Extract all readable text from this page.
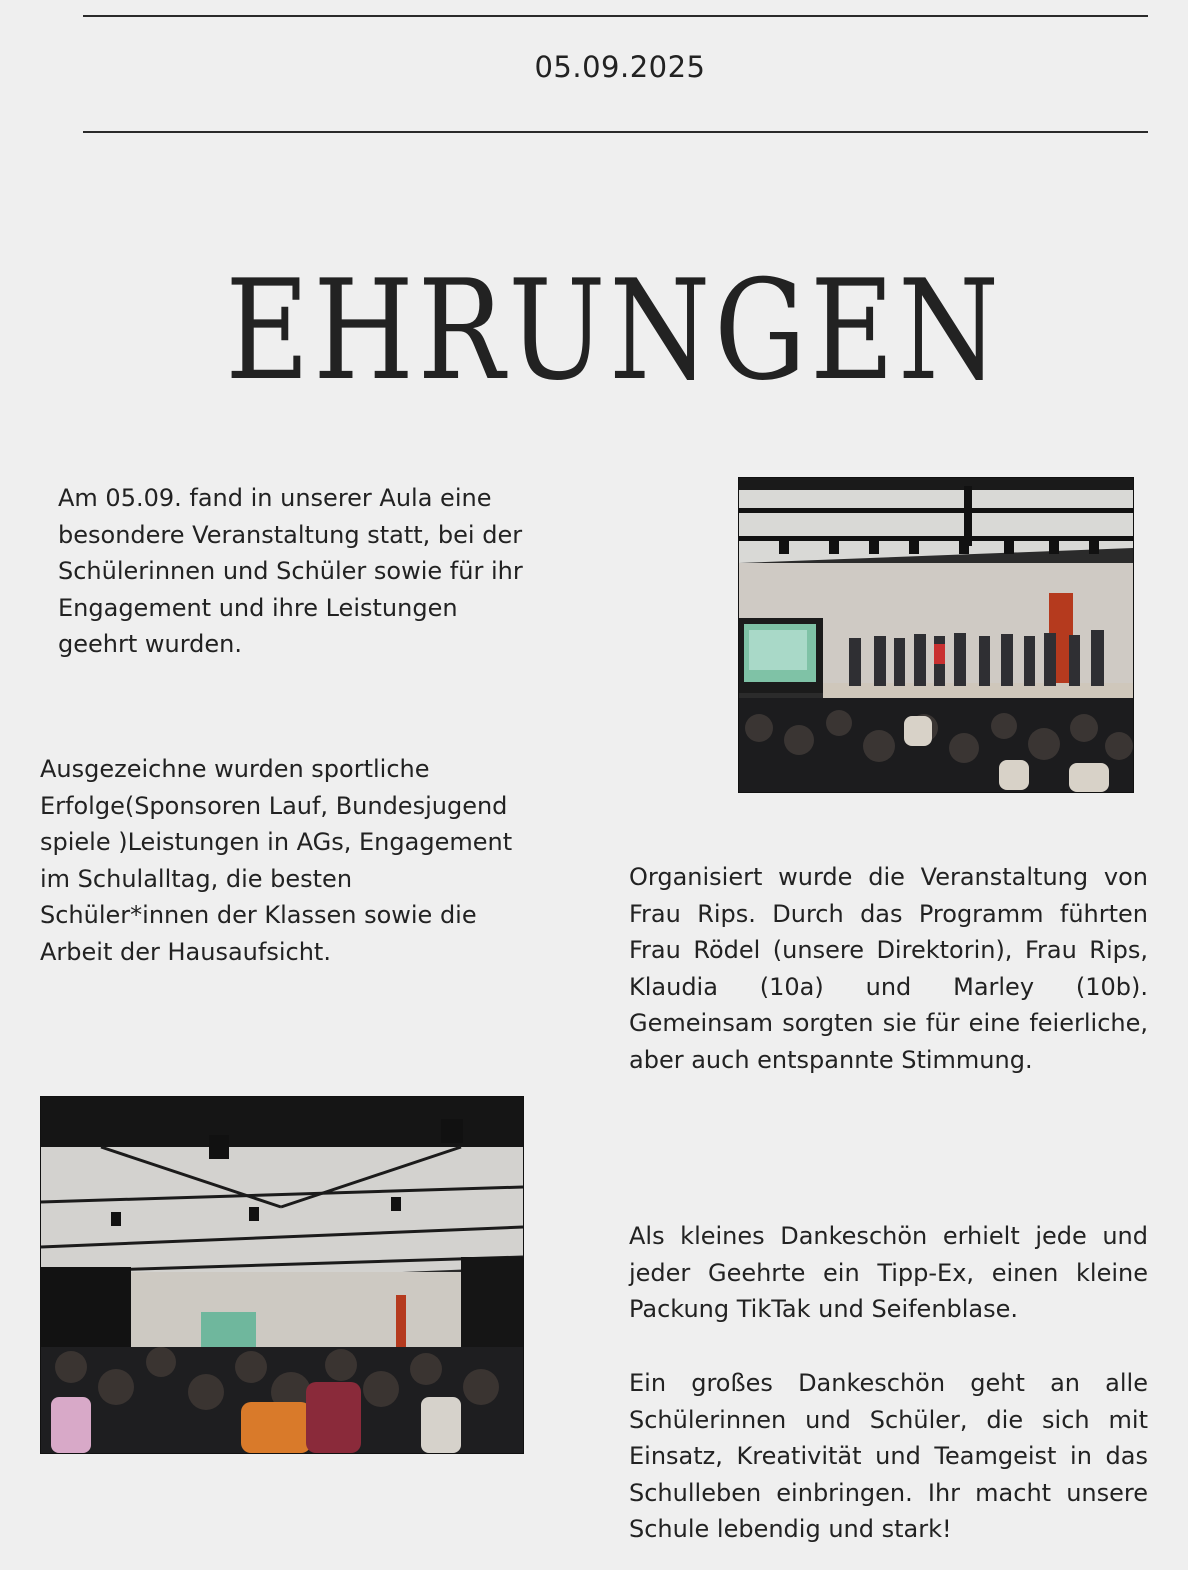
05.09.2025
EHRUNGEN

Am 05.09. fand in unserer Aula eine
besondere Veranstaltung statt, bei der
Schülerinnen und Schüler sowie für ihr
Engagement und ihre Leistungen
geehrt wurden.

Ausgezeichne wurden sportliche
Erfolge(Sponsoren Lauf, Bundesjugend
spiele )Leistungen in AGs, Engagement
im Schulalltag, die besten
Schüler*innen der Klassen sowie die
Arbeit der Hausaufsicht.

Organisiert wurde die Veranstaltung von Frau Rips. Durch das Programm führten Frau Rödel (unsere Direktorin), Frau Rips, Klaudia (10a) und Marley (10b). Gemeinsam sorgten sie für eine feierliche, aber auch entspannte Stimmung.

Als kleines Dankeschön erhielt jede und jeder Geehrte ein Tipp-Ex, einen kleine Packung TikTak und Seifenblase.

Ein großes Dankeschön geht an alle Schülerinnen und Schüler, die sich mit Einsatz, Kreativität und Teamgeist in das Schulleben einbringen. Ihr macht unsere Schule lebendig und stark!
